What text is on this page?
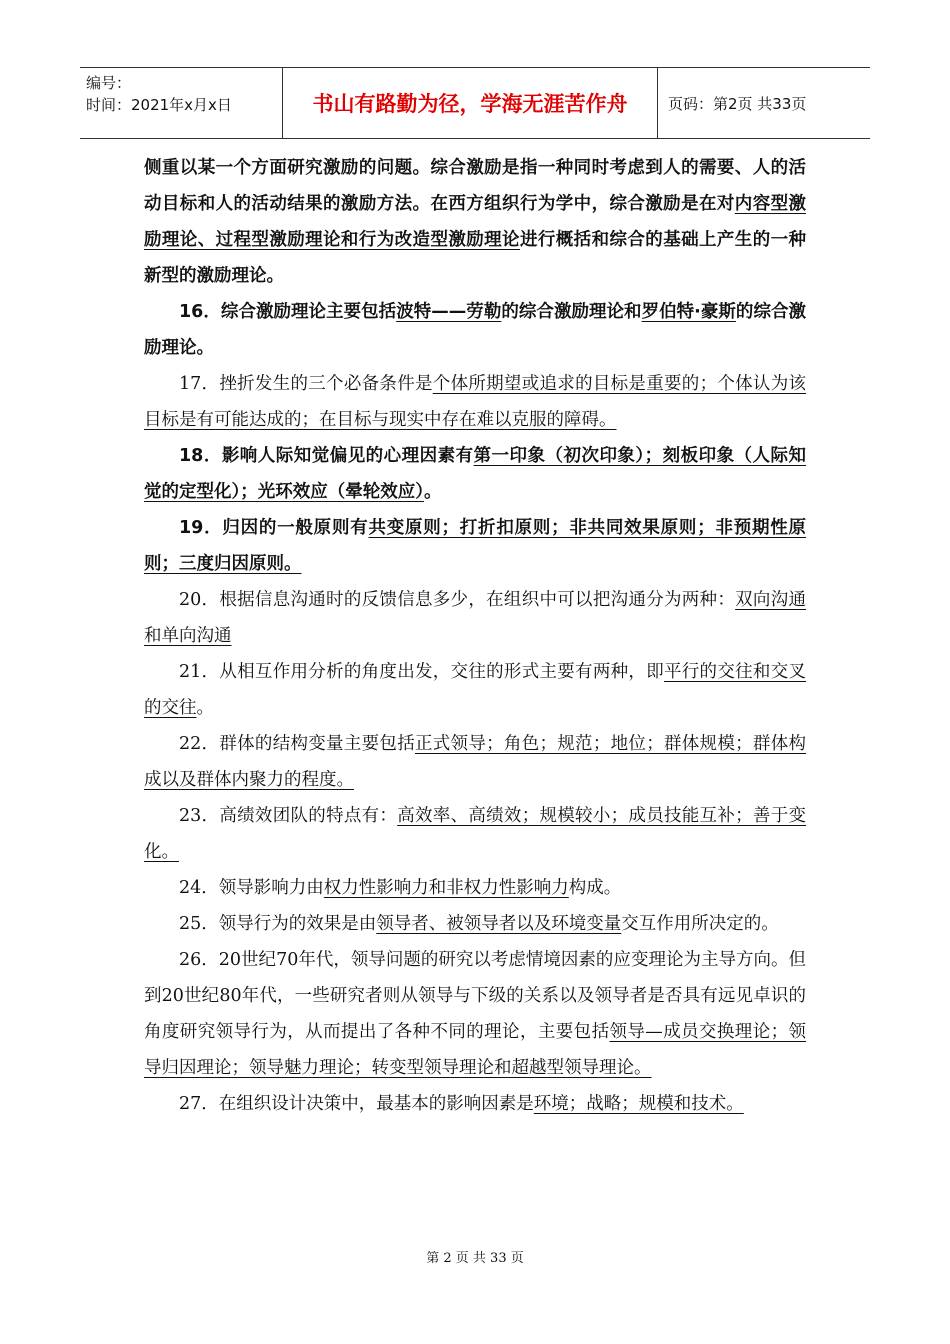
编号：
时间：2021年x月x日	书山有路勤为径，学海无涯苦作舟	页码：第2页 共33页

侧重以某一个方面研究激励的问题。综合激励是指一种同时考虑到人的需要、人的活动目标和人的活动结果的激励方法。在西方组织行为学中，综合激励是在对内容型激励理论、过程型激励理论和行为改造型激励理论进行概括和综合的基础上产生的一种新型的激励理论。

16．综合激励理论主要包括波特——劳勒的综合激励理论和罗伯特·豪斯的综合激励理论。

17．挫折发生的三个必备条件是个体所期望或追求的目标是重要的；个体认为该目标是有可能达成的；在目标与现实中存在难以克服的障碍。

18．影响人际知觉偏见的心理因素有第一印象（初次印象）；刻板印象（人际知觉的定型化）；光环效应（晕轮效应）。

19．归因的一般原则有共变原则；打折扣原则；非共同效果原则；非预期性原则；三度归因原则。

20．根据信息沟通时的反馈信息多少，在组织中可以把沟通分为两种：双向沟通和单向沟通

21．从相互作用分析的角度出发，交往的形式主要有两种，即平行的交往和交叉的交往。

22．群体的结构变量主要包括正式领导；角色；规范；地位；群体规模；群体构成以及群体内聚力的程度。

23．高绩效团队的特点有：高效率、高绩效；规模较小；成员技能互补；善于变化。

24．领导影响力由权力性影响力和非权力性影响力构成。

25．领导行为的效果是由领导者、被领导者以及环境变量交互作用所决定的。

26．20世纪70年代，领导问题的研究以考虑情境因素的应变理论为主导方向。但到20世纪80年代，一些研究者则从领导与下级的关系以及领导者是否具有远见卓识的角度研究领导行为，从而提出了各种不同的理论，主要包括领导—成员交换理论；领导归因理论；领导魅力理论；转变型领导理论和超越型领导理论。

27．在组织设计决策中，最基本的影响因素是环境；战略；规模和技术。

第 2 页 共 33 页
